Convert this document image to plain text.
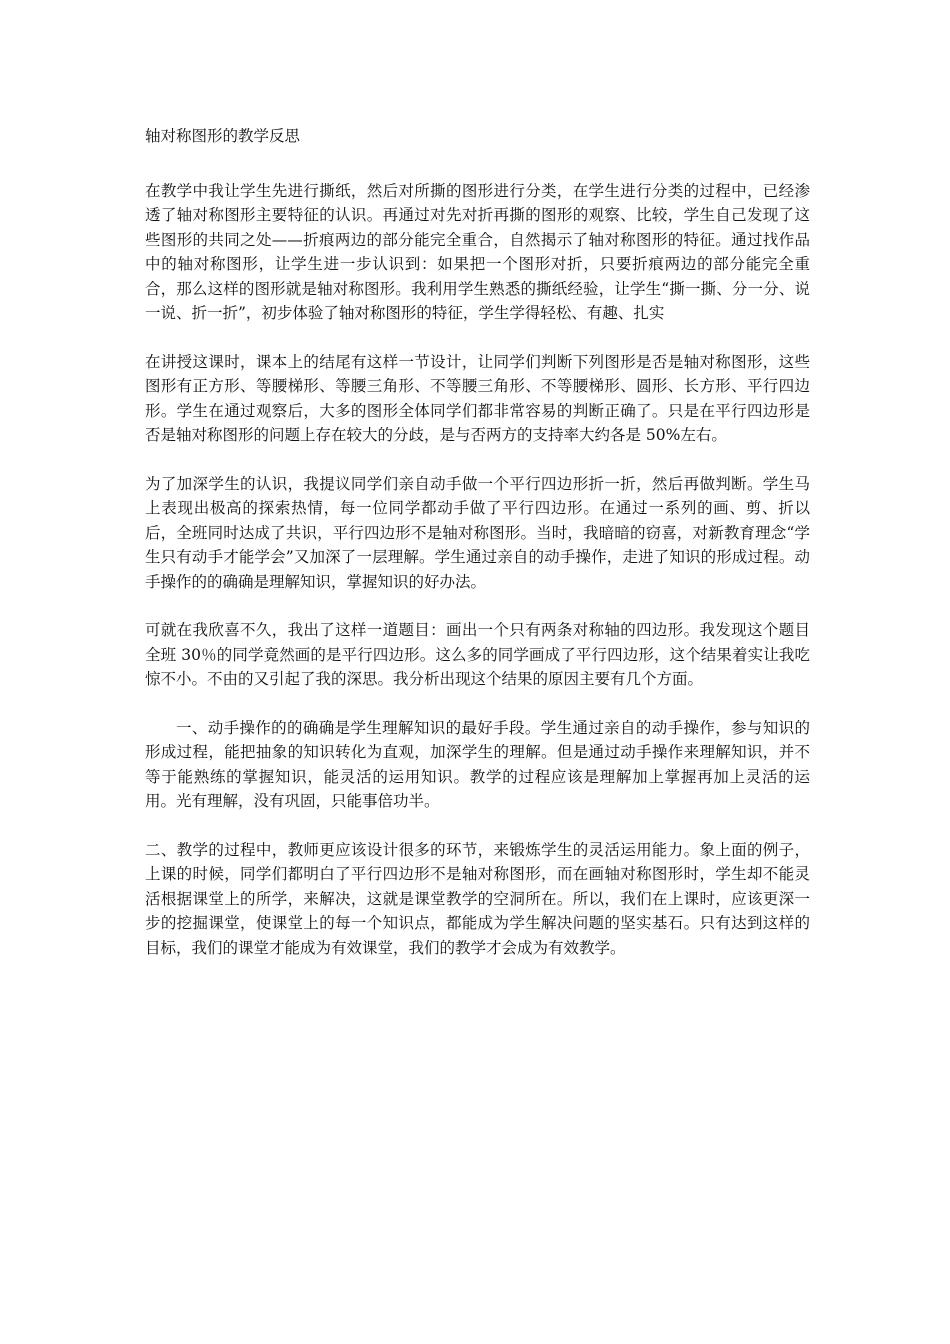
轴对称图形的教学反思

在教学中我让学生先进行撕纸，然后对所撕的图形进行分类，在学生进行分类的过程中，已经渗透了轴对称图形主要特征的认识。再通过对先对折再撕的图形的观察、比较，学生自己发现了这些图形的共同之处——折痕两边的部分能完全重合，自然揭示了轴对称图形的特征。通过找作品中的轴对称图形，让学生进一步认识到：如果把一个图形对折，只要折痕两边的部分能完全重合，那么这样的图形就是轴对称图形。我利用学生熟悉的撕纸经验，让学生“撕一撕、分一分、说一说、折一折”，初步体验了轴对称图形的特征，学生学得轻松、有趣、扎实

在讲授这课时，课本上的结尾有这样一节设计，让同学们判断下列图形是否是轴对称图形，这些图形有正方形、等腰梯形、等腰三角形、不等腰三角形、不等腰梯形、圆形、长方形、平行四边形。学生在通过观察后，大多的图形全体同学们都非常容易的判断正确了。只是在平行四边形是否是轴对称图形的问题上存在较大的分歧，是与否两方的支持率大约各是 50%左右。

为了加深学生的认识，我提议同学们亲自动手做一个平行四边形折一折，然后再做判断。学生马上表现出极高的探索热情，每一位同学都动手做了平行四边形。在通过一系列的画、剪、折以后，全班同时达成了共识，平行四边形不是轴对称图形。当时，我暗暗的窃喜，对新教育理念“学生只有动手才能学会”又加深了一层理解。学生通过亲自的动手操作，走进了知识的形成过程。动手操作的的确确是理解知识，掌握知识的好办法。

可就在我欣喜不久，我出了这样一道题目：画出一个只有两条对称轴的四边形。我发现这个题目全班 30％的同学竟然画的是平行四边形。这么多的同学画成了平行四边形，这个结果着实让我吃惊不小。不由的又引起了我的深思。我分析出现这个结果的原因主要有几个方面。

一、动手操作的的确确是学生理解知识的最好手段。学生通过亲自的动手操作，参与知识的形成过程，能把抽象的知识转化为直观，加深学生的理解。但是通过动手操作来理解知识，并不等于能熟练的掌握知识，能灵活的运用知识。教学的过程应该是理解加上掌握再加上灵活的运用。光有理解，没有巩固，只能事倍功半。

二、教学的过程中，教师更应该设计很多的环节，来锻炼学生的灵活运用能力。象上面的例子，上课的时候，同学们都明白了平行四边形不是轴对称图形，而在画轴对称图形时，学生却不能灵活根据课堂上的所学，来解决，这就是课堂教学的空洞所在。所以，我们在上课时，应该更深一步的挖掘课堂，使课堂上的每一个知识点，都能成为学生解决问题的坚实基石。只有达到这样的目标，我们的课堂才能成为有效课堂，我们的教学才会成为有效教学。
